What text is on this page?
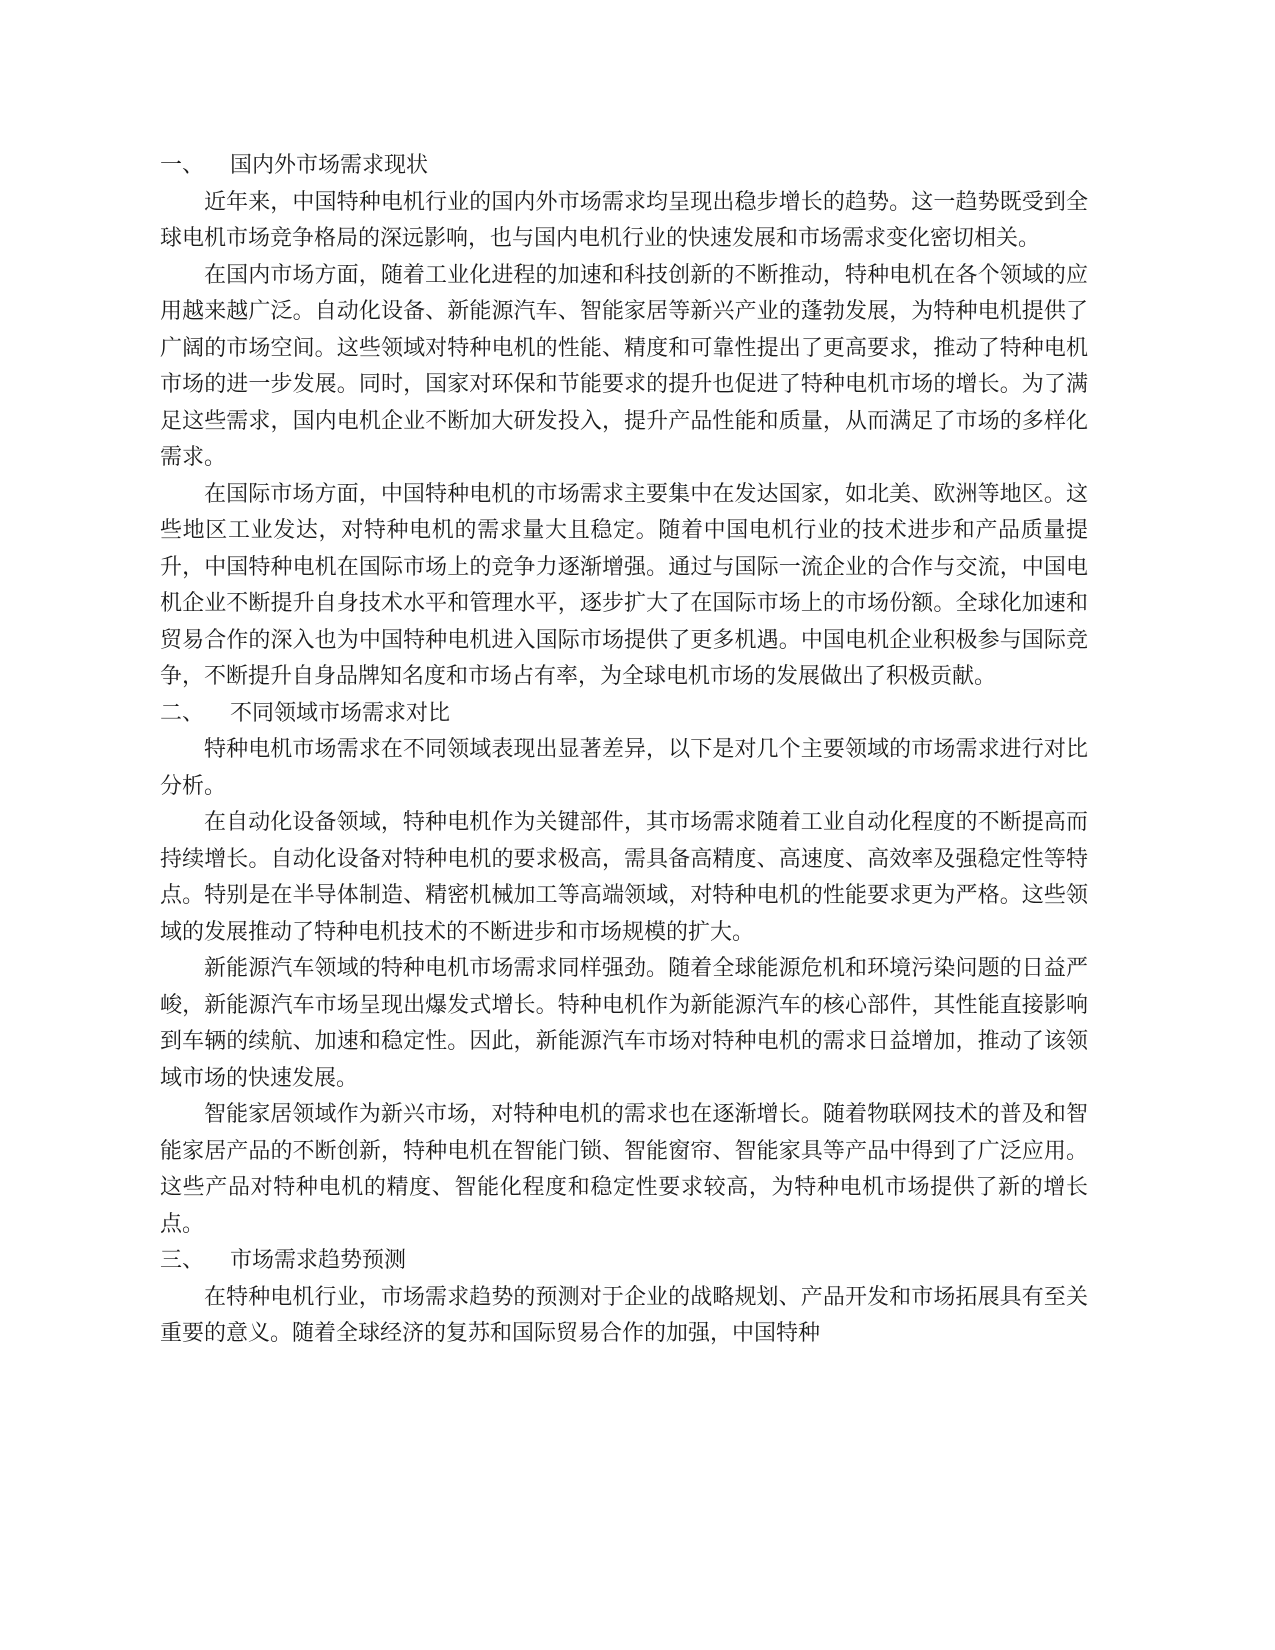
一、 国内外市场需求现状

近年来，中国特种电机行业的国内外市场需求均呈现出稳步增长的趋势。这一趋势既受到全球电机市场竞争格局的深远影响，也与国内电机行业的快速发展和市场需求变化密切相关。

在国内市场方面，随着工业化进程的加速和科技创新的不断推动，特种电机在各个领域的应用越来越广泛。自动化设备、新能源汽车、智能家居等新兴产业的蓬勃发展，为特种电机提供了广阔的市场空间。这些领域对特种电机的性能、精度和可靠性提出了更高要求，推动了特种电机市场的进一步发展。同时，国家对环保和节能要求的提升也促进了特种电机市场的增长。为了满足这些需求，国内电机企业不断加大研发投入，提升产品性能和质量，从而满足了市场的多样化需求。

在国际市场方面，中国特种电机的市场需求主要集中在发达国家，如北美、欧洲等地区。这些地区工业发达，对特种电机的需求量大且稳定。随着中国电机行业的技术进步和产品质量提升，中国特种电机在国际市场上的竞争力逐渐增强。通过与国际一流企业的合作与交流，中国电机企业不断提升自身技术水平和管理水平，逐步扩大了在国际市场上的市场份额。全球化加速和贸易合作的深入也为中国特种电机进入国际市场提供了更多机遇。中国电机企业积极参与国际竞争，不断提升自身品牌知名度和市场占有率，为全球电机市场的发展做出了积极贡献。

二、 不同领域市场需求对比

特种电机市场需求在不同领域表现出显著差异，以下是对几个主要领域的市场需求进行对比分析。

在自动化设备领域，特种电机作为关键部件，其市场需求随着工业自动化程度的不断提高而持续增长。自动化设备对特种电机的要求极高，需具备高精度、高速度、高效率及强稳定性等特点。特别是在半导体制造、精密机械加工等高端领域，对特种电机的性能要求更为严格。这些领域的发展推动了特种电机技术的不断进步和市场规模的扩大。

新能源汽车领域的特种电机市场需求同样强劲。随着全球能源危机和环境污染问题的日益严峻，新能源汽车市场呈现出爆发式增长。特种电机作为新能源汽车的核心部件，其性能直接影响到车辆的续航、加速和稳定性。因此，新能源汽车市场对特种电机的需求日益增加，推动了该领域市场的快速发展。

智能家居领域作为新兴市场，对特种电机的需求也在逐渐增长。随着物联网技术的普及和智能家居产品的不断创新，特种电机在智能门锁、智能窗帘、智能家具等产品中得到了广泛应用。这些产品对特种电机的精度、智能化程度和稳定性要求较高，为特种电机市场提供了新的增长点。

三、 市场需求趋势预测

在特种电机行业，市场需求趋势的预测对于企业的战略规划、产品开发和市场拓展具有至关重要的意义。随着全球经济的复苏和国际贸易合作的加强，中国特种
